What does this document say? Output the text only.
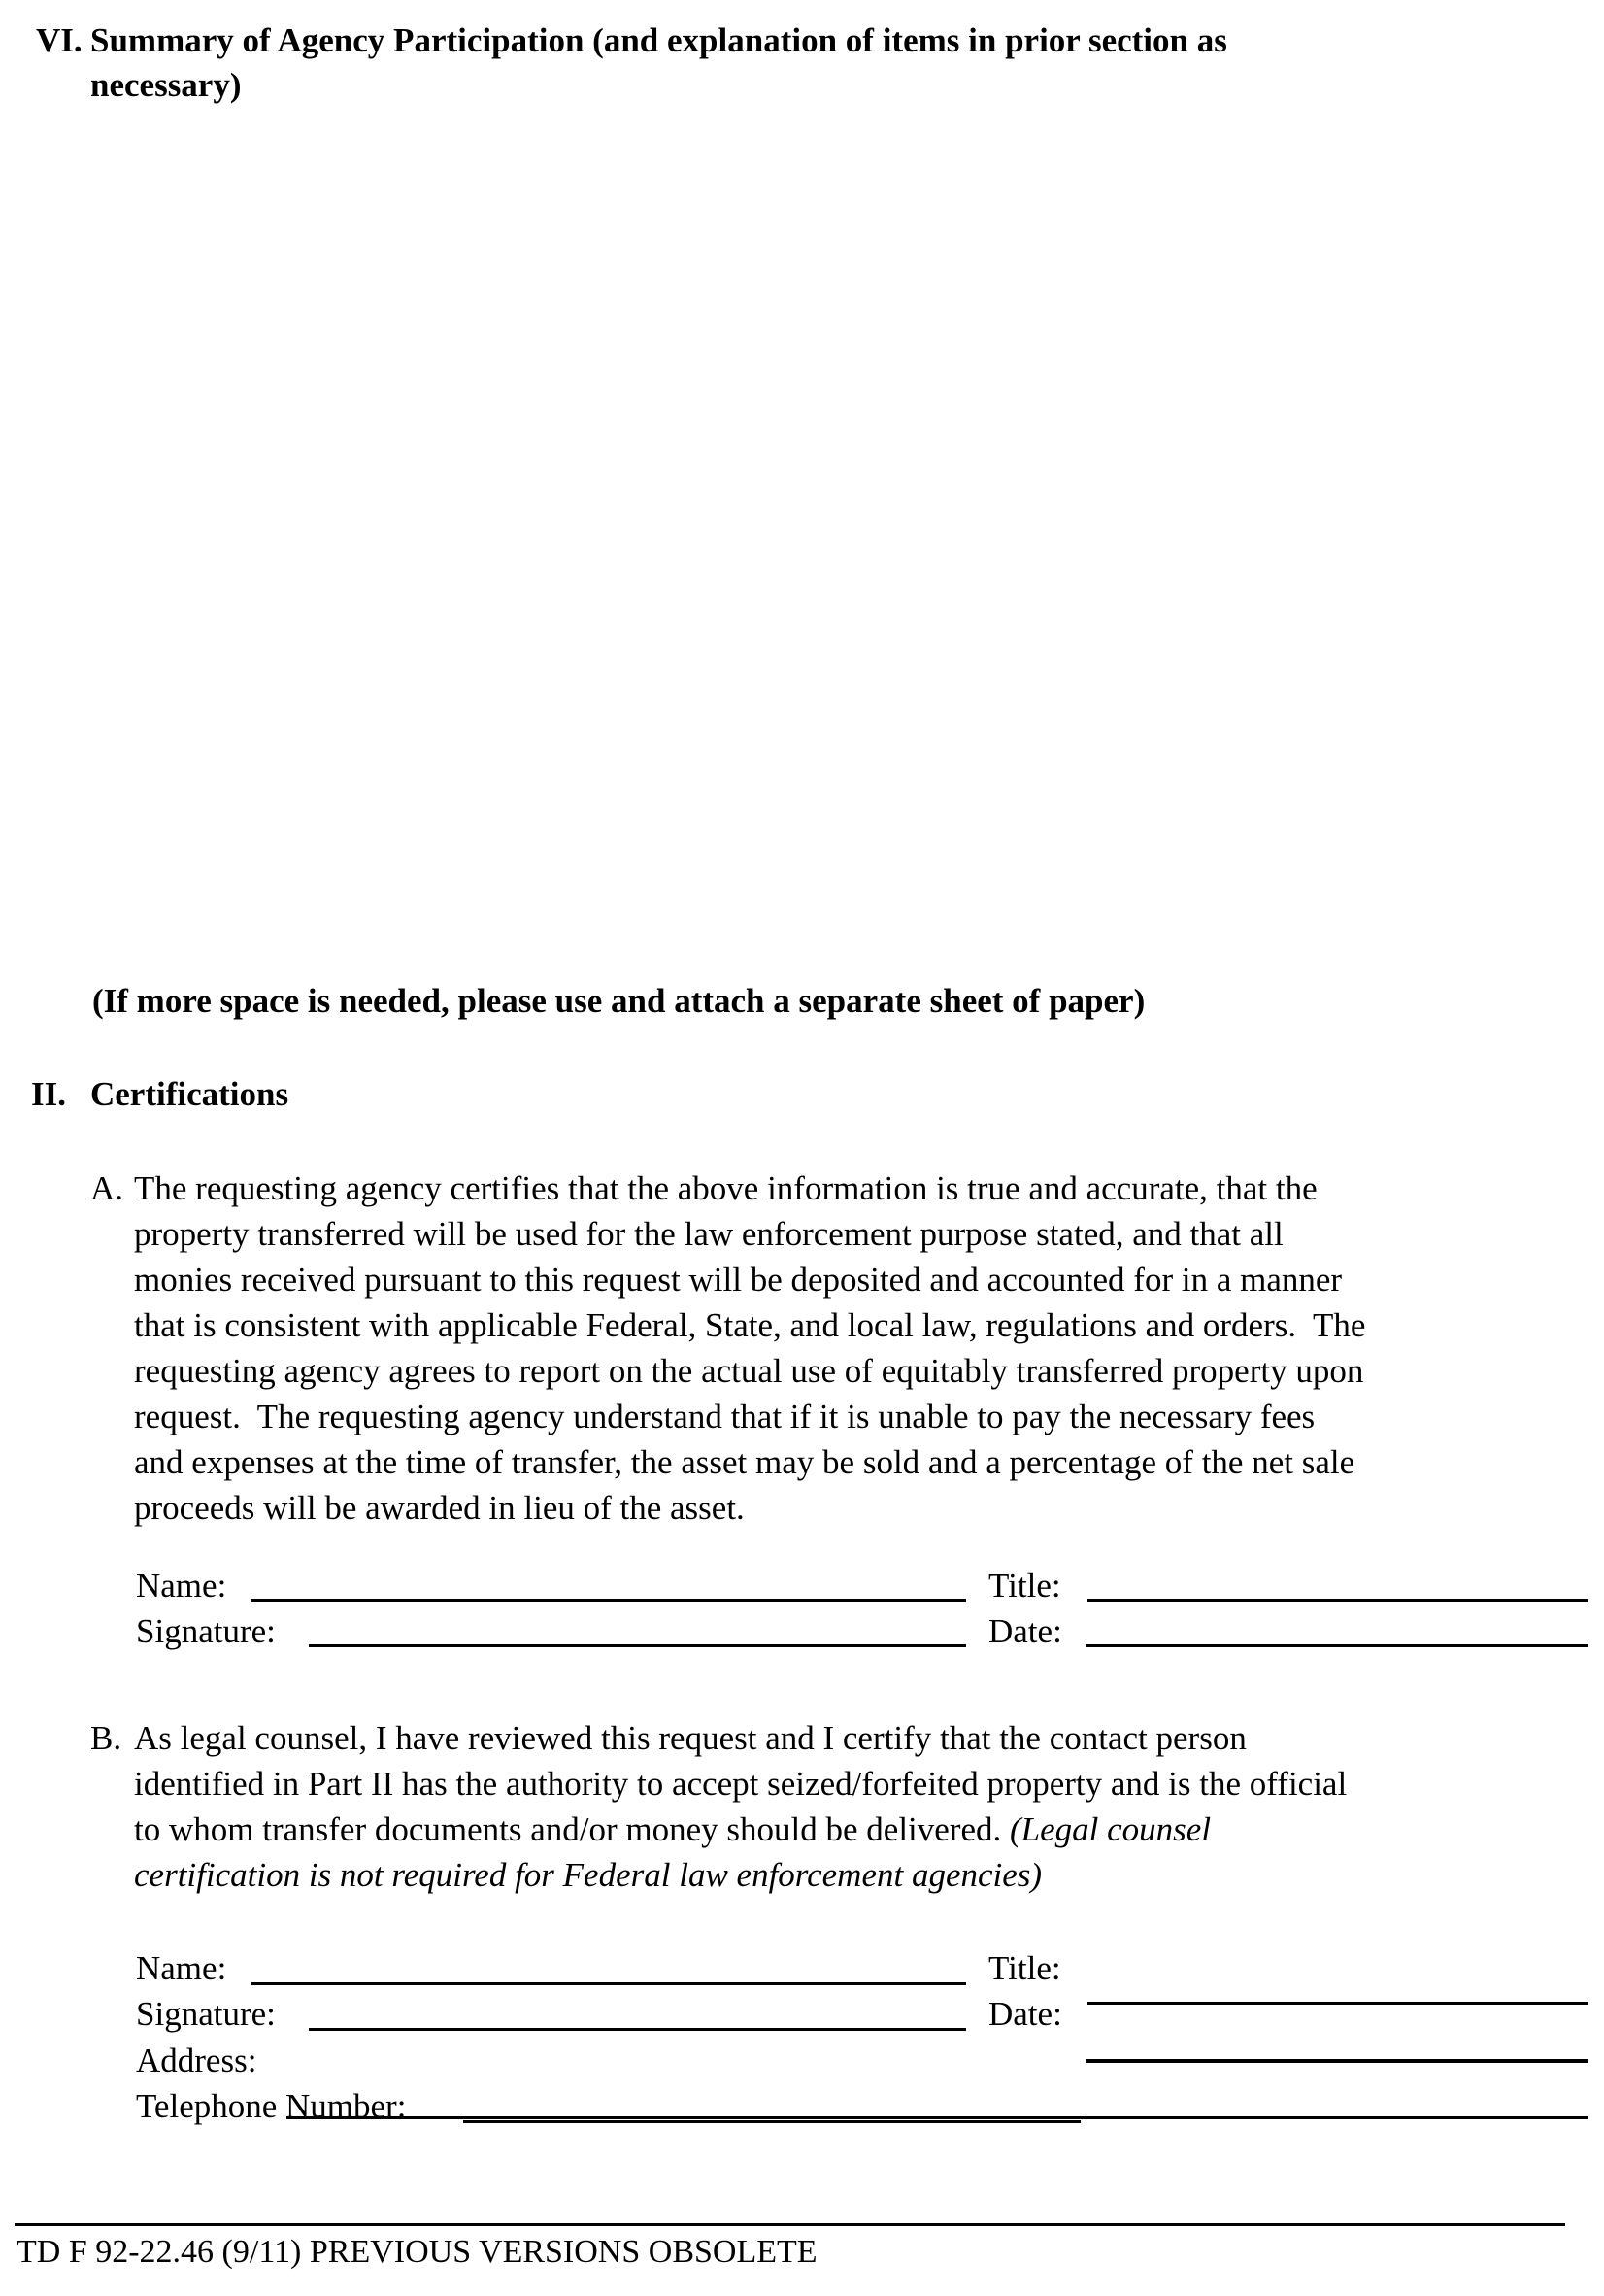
VI. Summary of Agency Participation (and explanation of items in prior section as
necessary)
(If more space is needed, please use and attach a separate sheet of paper)
II. Certifications
A. The requesting agency certifies that the above information is true and accurate, that the
property transferred will be used for the law enforcement purpose stated, and that all
monies received pursuant to this request will be deposited and accounted for in a manner
that is consistent with applicable Federal, State, and local law, regulations and orders.  The
requesting agency agrees to report on the actual use of equitably transferred property upon
request.  The requesting agency understand that if it is unable to pay the necessary fees
and expenses at the time of transfer, the asset may be sold and a percentage of the net sale
proceeds will be awarded in lieu of the asset.
Name:	Title:
Signature:	Date:
B. As legal counsel, I have reviewed this request and I certify that the contact person
identified in Part II has the authority to accept seized/forfeited property and is the official
to whom transfer documents and/or money should be delivered. (Legal counsel
certification is not required for Federal law enforcement agencies)
Name:	Title:
Signature:	Date:
Address:
Telephone Number:
TD F 92-22.46 (9/11) PREVIOUS VERSIONS OBSOLETE
